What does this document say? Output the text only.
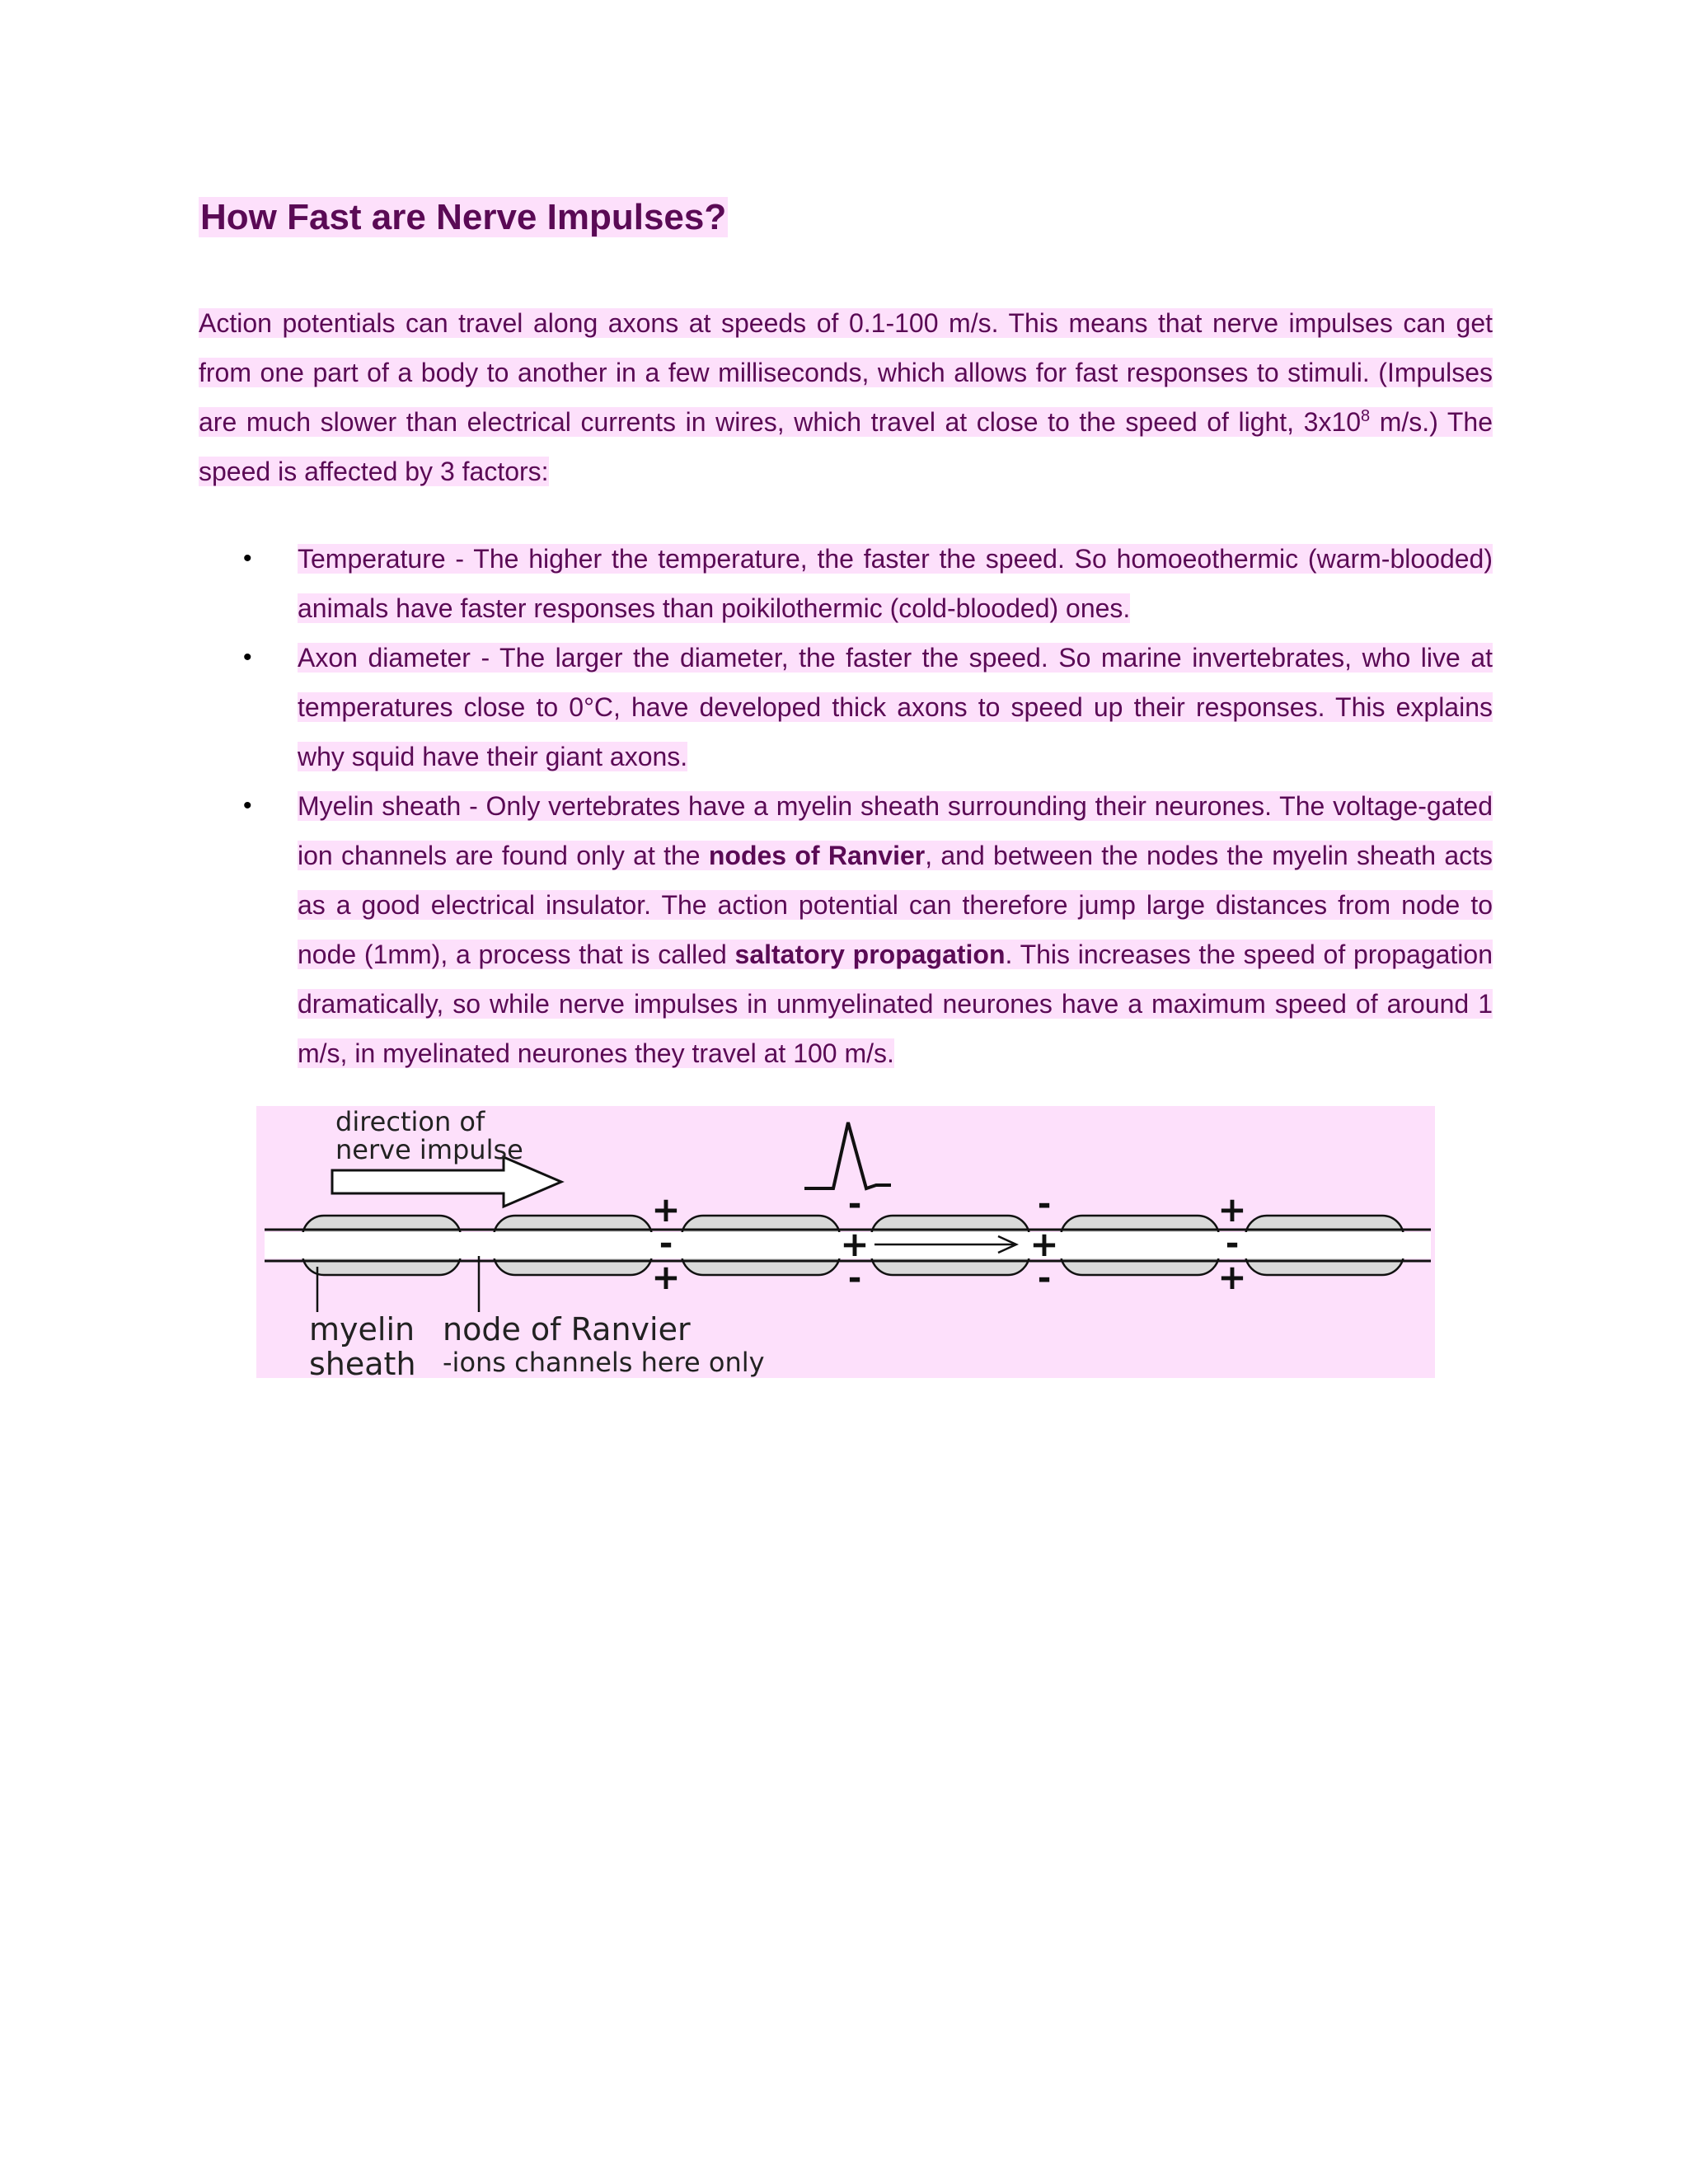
How Fast are Nerve Impulses?

Action potentials can travel along axons at speeds of 0.1-100 m/s. This means that nerve impulses can get from one part of a body to another in a few milliseconds, which allows for fast responses to stimuli. (Impulses are much slower than electrical currents in wires, which travel at close to the speed of light, $3x10^8$ m/s.) The speed is affected by 3 factors:

• Temperature - The higher the temperature, the faster the speed. So homoeothermic (warm-blooded) animals have faster responses than poikilothermic (cold-blooded) ones.
• Axon diameter - The larger the diameter, the faster the speed. So marine invertebrates, who live at temperatures close to 0°C, have developed thick axons to speed up their responses. This explains why squid have their giant axons.
• Myelin sheath - Only vertebrates have a myelin sheath surrounding their neurones. The voltage-gated ion channels are found only at the nodes of Ranvier, and between the nodes the myelin sheath acts as a good electrical insulator. The action potential can therefore jump large distances from node to node (1mm), a process that is called saltatory propagation. This increases the speed of propagation dramatically, so while nerve impulses in unmyelinated neurones have a maximum speed of around 1 m/s, in myelinated neurones they travel at 100 m/s.
direction of
nerve impulse
+
-
+
-
+
-
-
+
-
+
-
+
myelin
sheath
node of Ranvier
-ions channels here only
